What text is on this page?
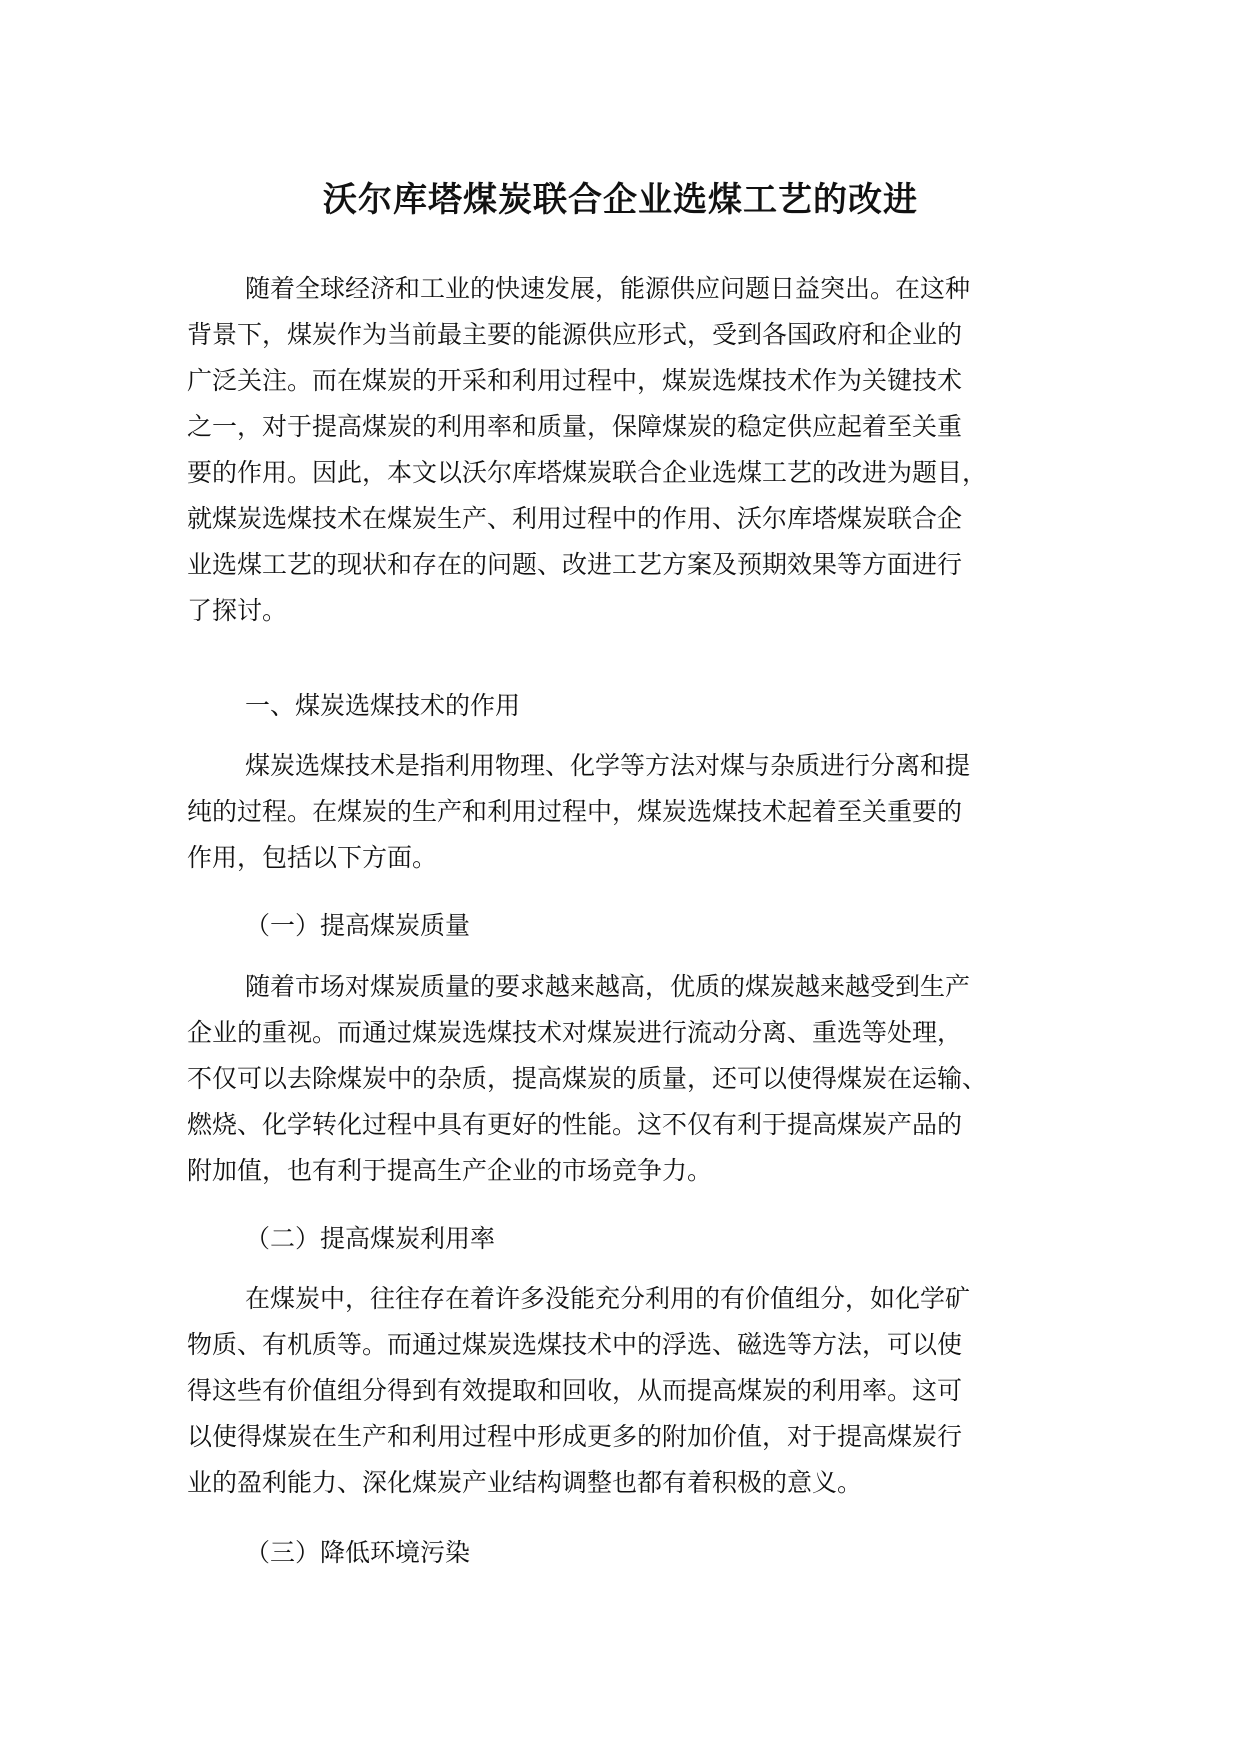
沃尔库塔煤炭联合企业选煤工艺的改进
随着全球经济和工业的快速发展，能源供应问题日益突出。在这种
背景下，煤炭作为当前最主要的能源供应形式，受到各国政府和企业的
广泛关注。而在煤炭的开采和利用过程中，煤炭选煤技术作为关键技术
之一，对于提高煤炭的利用率和质量，保障煤炭的稳定供应起着至关重
要的作用。因此，本文以沃尔库塔煤炭联合企业选煤工艺的改进为题目，
就煤炭选煤技术在煤炭生产、利用过程中的作用、沃尔库塔煤炭联合企
业选煤工艺的现状和存在的问题、改进工艺方案及预期效果等方面进行
了探讨。
一、煤炭选煤技术的作用
煤炭选煤技术是指利用物理、化学等方法对煤与杂质进行分离和提
纯的过程。在煤炭的生产和利用过程中，煤炭选煤技术起着至关重要的
作用，包括以下方面。
（一）提高煤炭质量
随着市场对煤炭质量的要求越来越高，优质的煤炭越来越受到生产
企业的重视。而通过煤炭选煤技术对煤炭进行流动分离、重选等处理，
不仅可以去除煤炭中的杂质，提高煤炭的质量，还可以使得煤炭在运输、
燃烧、化学转化过程中具有更好的性能。这不仅有利于提高煤炭产品的
附加值，也有利于提高生产企业的市场竞争力。
（二）提高煤炭利用率
在煤炭中，往往存在着许多没能充分利用的有价值组分，如化学矿
物质、有机质等。而通过煤炭选煤技术中的浮选、磁选等方法，可以使
得这些有价值组分得到有效提取和回收，从而提高煤炭的利用率。这可
以使得煤炭在生产和利用过程中形成更多的附加价值，对于提高煤炭行
业的盈利能力、深化煤炭产业结构调整也都有着积极的意义。
（三）降低环境污染
